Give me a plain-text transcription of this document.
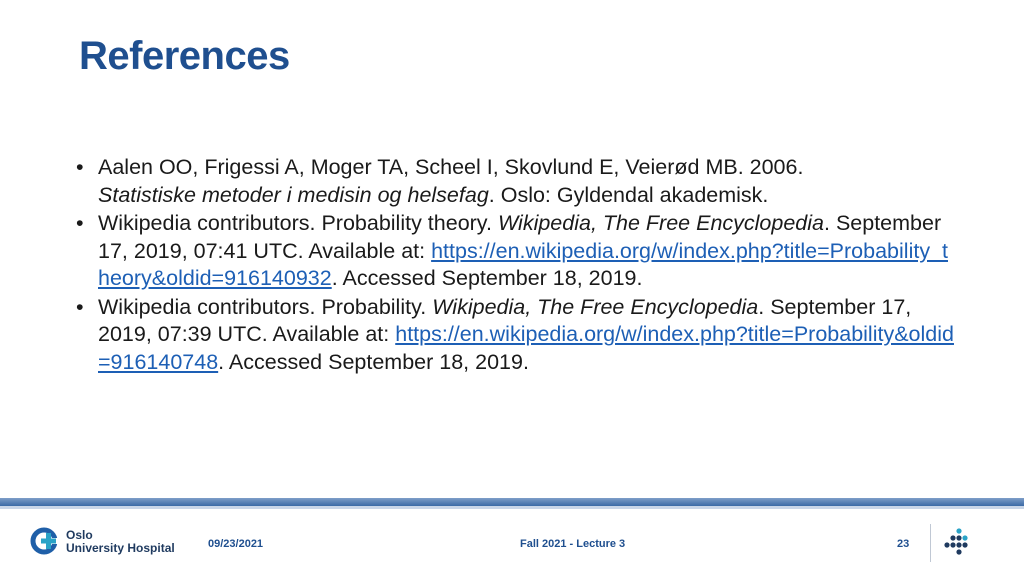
References
• Aalen OO, Frigessi A, Moger TA, Scheel I, Skovlund E, Veierød MB. 2006.
Statistiske metoder i medisin og helsefag. Oslo: Gyldendal akademisk.
• Wikipedia contributors. Probability theory. Wikipedia, The Free Encyclopedia. September 17, 2019, 07:41 UTC. Available at: https://en.wikipedia.org/w/index.php?title=Probability_theory&oldid=916140932. Accessed September 18, 2019.
• Wikipedia contributors. Probability. Wikipedia, The Free Encyclopedia. September 17, 2019, 07:39 UTC. Available at: https://en.wikipedia.org/w/index.php?title=Probability&oldid=916140748. Accessed September 18, 2019.
Oslo
University Hospital	09/23/2021	Fall 2021 - Lecture 3	23
